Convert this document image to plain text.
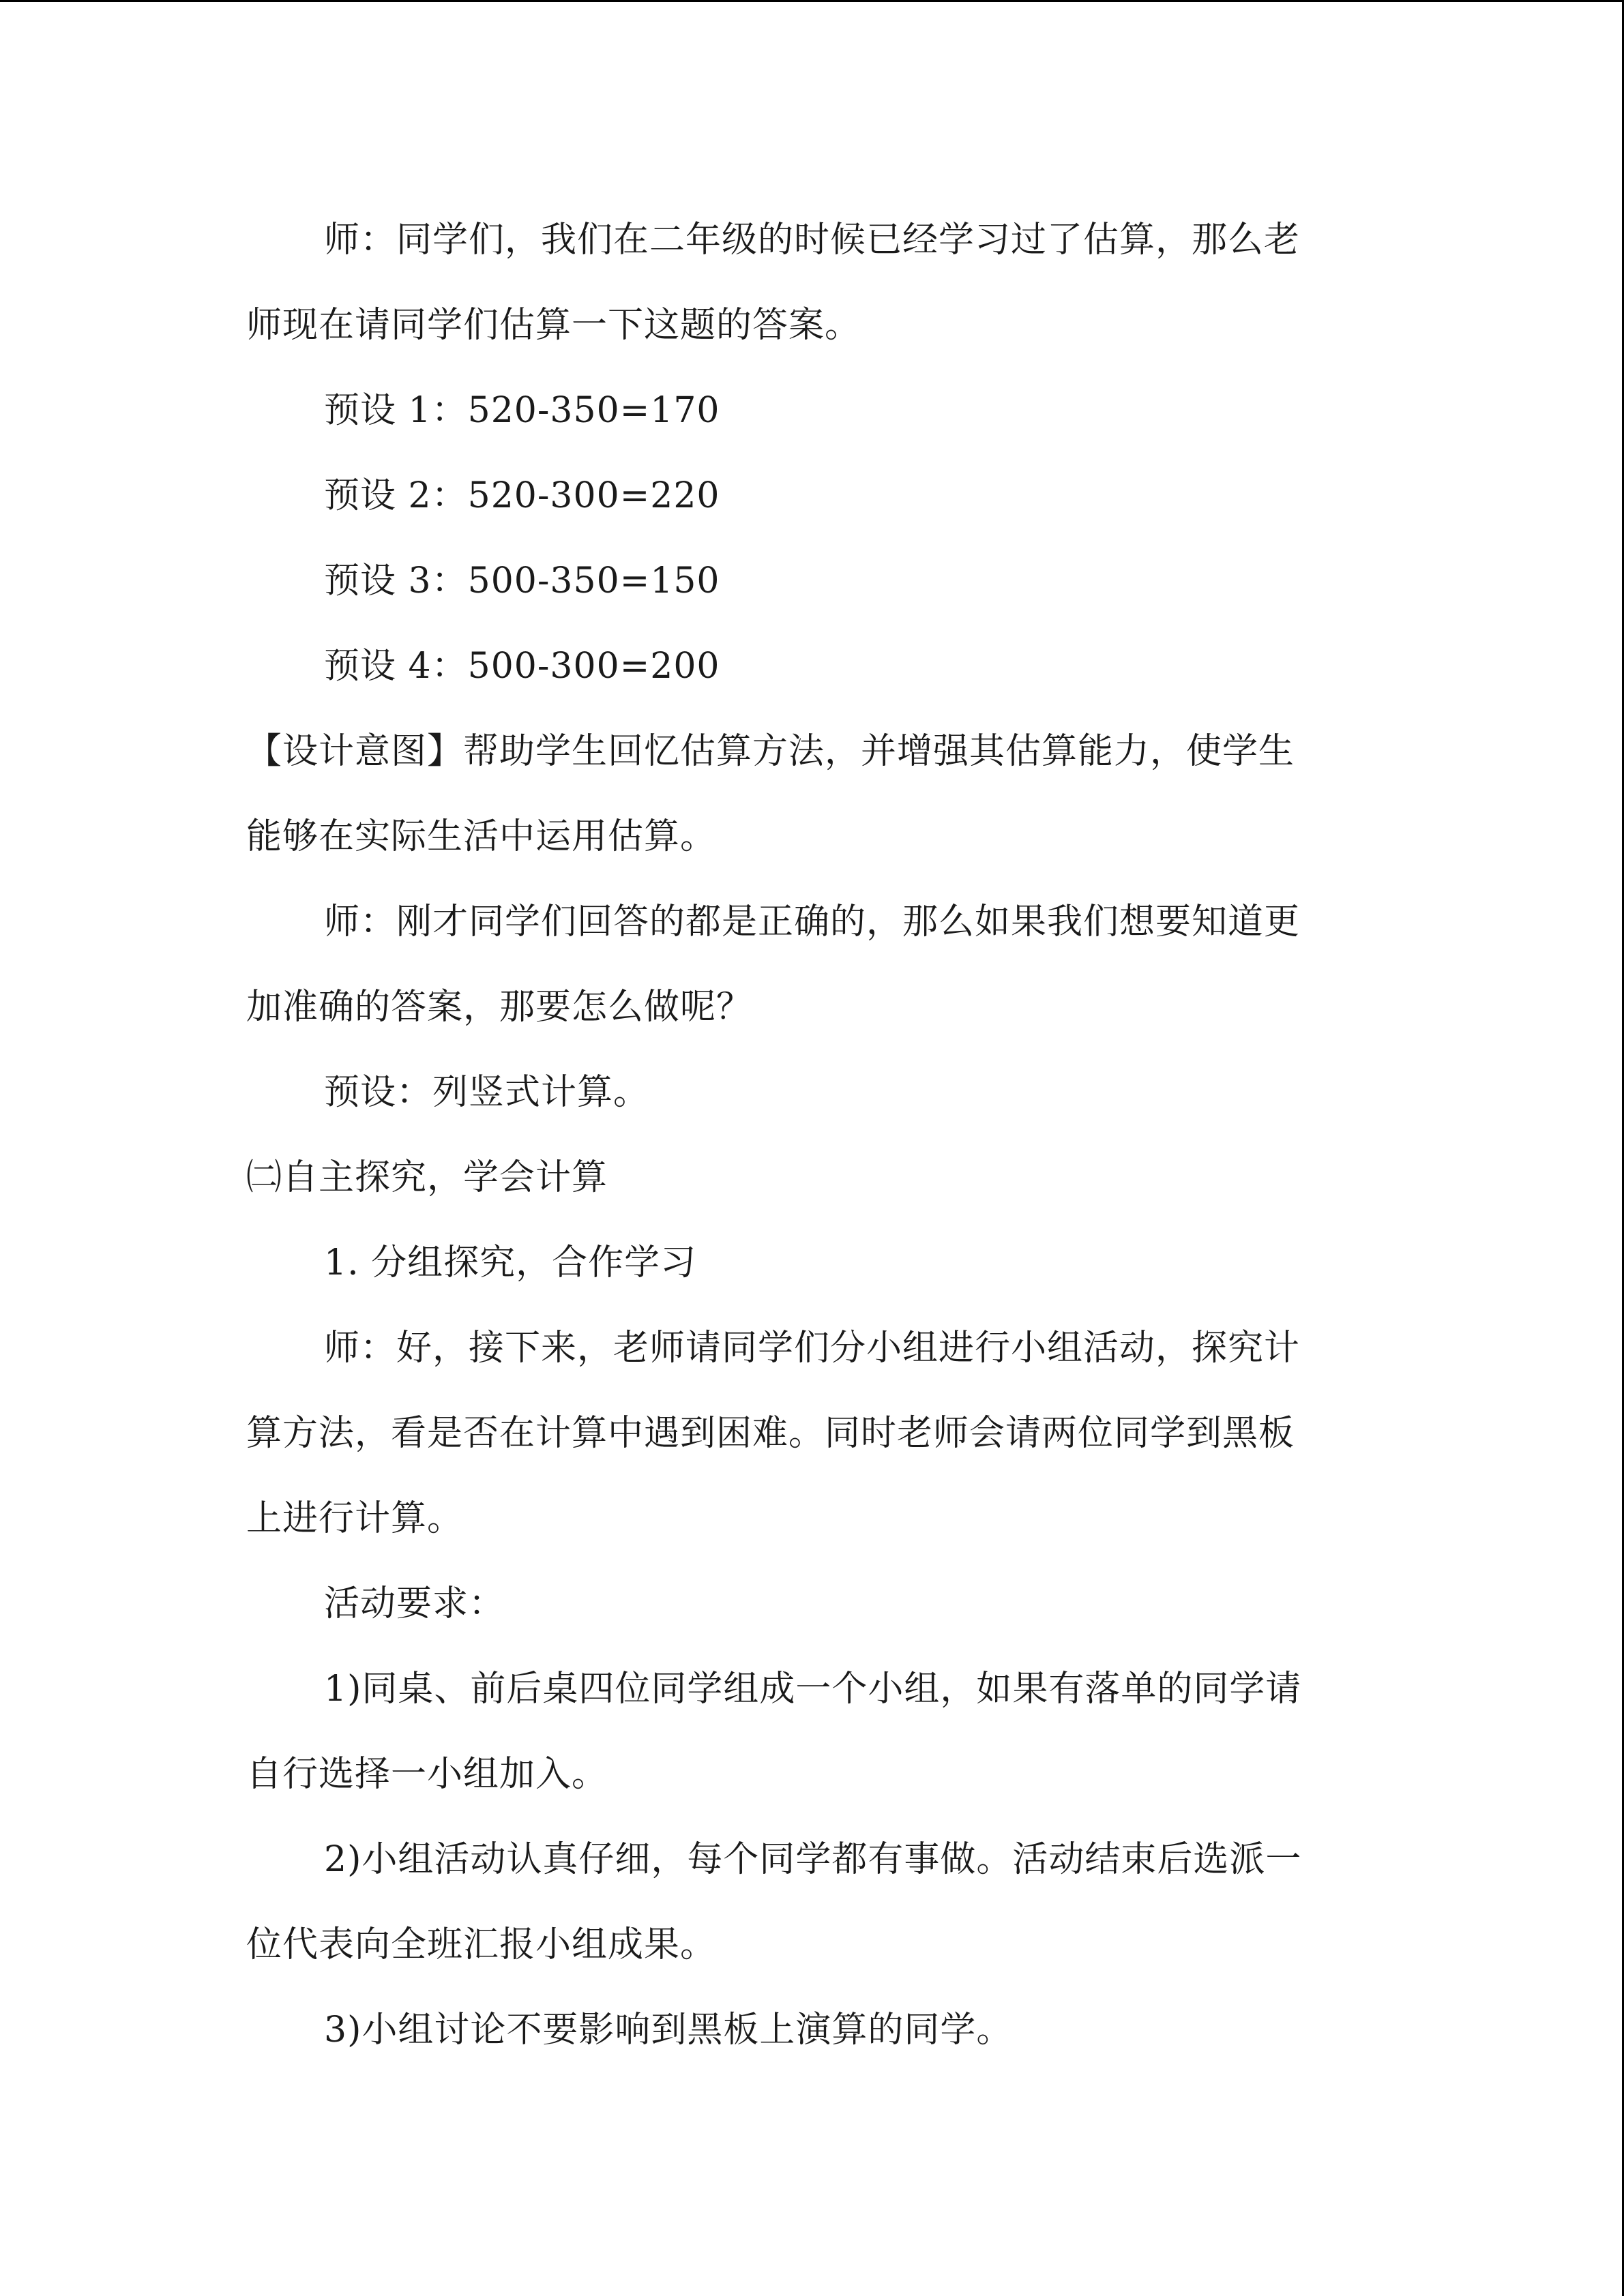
师：同学们，我们在二年级的时候已经学习过了估算，那么老
师现在请同学们估算一下这题的答案。
预设 1：520-350=170
预设 2：520-300=220
预设 3：500-350=150
预设 4：500-300=200
【设计意图】帮助学生回忆估算方法，并增强其估算能力，使学生
能够在实际生活中运用估算。
师：刚才同学们回答的都是正确的，那么如果我们想要知道更
加准确的答案，那要怎么做呢？
预设：列竖式计算。
㈡自主探究，学会计算
1. 分组探究，合作学习
师：好，接下来，老师请同学们分小组进行小组活动，探究计
算方法，看是否在计算中遇到困难。同时老师会请两位同学到黑板
上进行计算。
活动要求：
1)同桌、前后桌四位同学组成一个小组，如果有落单的同学请
自行选择一小组加入。
2)小组活动认真仔细，每个同学都有事做。活动结束后选派一
位代表向全班汇报小组成果。
3)小组讨论不要影响到黑板上演算的同学。
